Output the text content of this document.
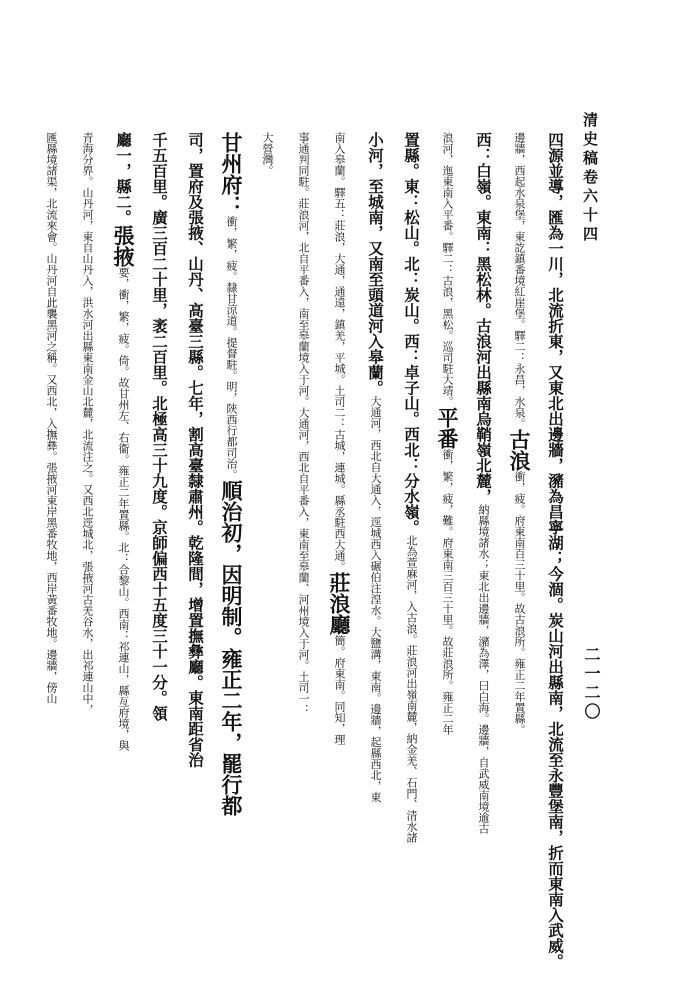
清史稿卷六十四
二一二〇
四源並導，匯為一川，北流折東，又東北出邊牆，瀦為昌寧湖；今涸。炭山河出縣南，北流至永豐堡南，折而東南入武威。
邊牆，西起水泉堡，東訖鎮番境紅崖堡。驛二：永昌，水泉。古浪衝，疲。府東南百三十里。故古浪所。雍正二年置縣。
西：白嶺。東南：黑松林。古浪河出縣南烏鞘嶺北麓，納縣境諸水；東北出邊牆，瀦為澤，曰白海。邊牆，自武威南境逾古
浪河，迤東南入平番。驛二：古浪，黑松。巡司駐大靖。平番衝，繁，疲，難。府東南三百三十里。故莊浪所。雍正二年
置縣。東：松山。北：炭山。西：卓子山。西北：分水嶺。北為萱麻河，入古浪。莊浪河出嶺南麓，納金羌、石門、清水諸
小河，至城南，又南至頭道河入皋蘭。大通河，西北自大通入，逕城西入碾伯注湟水。大鹽溝，東南。邊牆，起縣西北，東
南入皋蘭。驛五：莊浪，大通，通遠，鎮羌，平城。土司二：古城，連城。縣丞駐西大通。莊浪廳簡。府東南。同知，理
事通判同駐。莊浪河，北自平番入，南至皋蘭境入于河。大通河，西北自平番入，東南至皋蘭、河州境入于河。土司一：
大營灣。
甘州府：衝，繁，疲。隸甘涼道。提督駐。明，陝西行都司治。順治初，因明制。雍正二年，罷行都
司，置府及張掖、山丹、高臺三縣。七年，割高臺隸肅州。乾隆間，增置撫彝廳。東南距省治
千五百里。廣三百二十里，袤二百里。北極高三十九度。京師偏西十五度三十一分。領
廳一，縣二。張掖要，衝，繁，疲。倚。故甘州左、右衞。雍正二年置縣。北：合黎山。西南：祁連山，縣亙府境，與
青海分界。山丹河，東自山丹入，洪水河出縣東南金山北麓，北流注之。又西北逕城北，張掖河古羌谷水，出祁連山中，
匯縣境諸渠，北流來會。山丹河自此襲黑河之稱。又西北，入撫彝。張掖河東岸黑番牧地，西岸黃番牧地。邊牆，傍山
